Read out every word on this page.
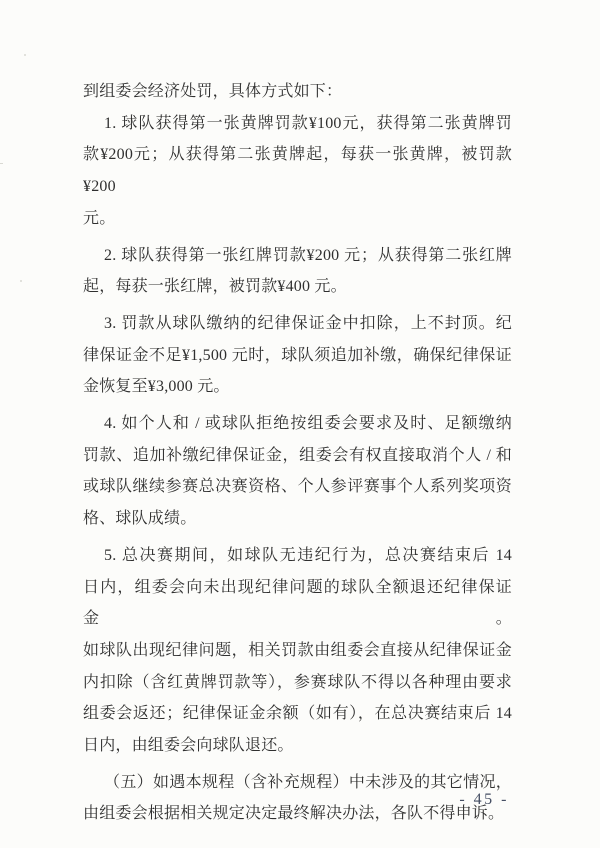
到组委会经济处罚，具体方式如下：

1. 球队获得第一张黄牌罚款¥100元，获得第二张黄牌罚

款¥200元；从获得第二张黄牌起，每获一张黄牌，被罚款¥200

元。

2. 球队获得第一张红牌罚款¥200 元；从获得第二张红牌

起，每获一张红牌，被罚款¥400 元。

3. 罚款从球队缴纳的纪律保证金中扣除，上不封顶。纪

律保证金不足¥1,500 元时，球队须追加补缴，确保纪律保证

金恢复至¥3,000 元。

4. 如个人和 / 或球队拒绝按组委会要求及时、足额缴纳

罚款、追加补缴纪律保证金，组委会有权直接取消个人 / 和

或球队继续参赛总决赛资格、个人参评赛事个人系列奖项资

格、球队成绩。

5. 总决赛期间，如球队无违纪行为，总决赛结束后 14

日内，组委会向未出现纪律问题的球队全额退还纪律保证金。

如球队出现纪律问题，相关罚款由组委会直接从纪律保证金

内扣除（含红黄牌罚款等），参赛球队不得以各种理由要求

组委会返还；纪律保证金余额（如有），在总决赛结束后 14

日内，由组委会向球队退还。

（五）如遇本规程（含补充规程）中未涉及的其它情况，

由组委会根据相关规定决定最终解决办法，各队不得申诉。

- 45 -
